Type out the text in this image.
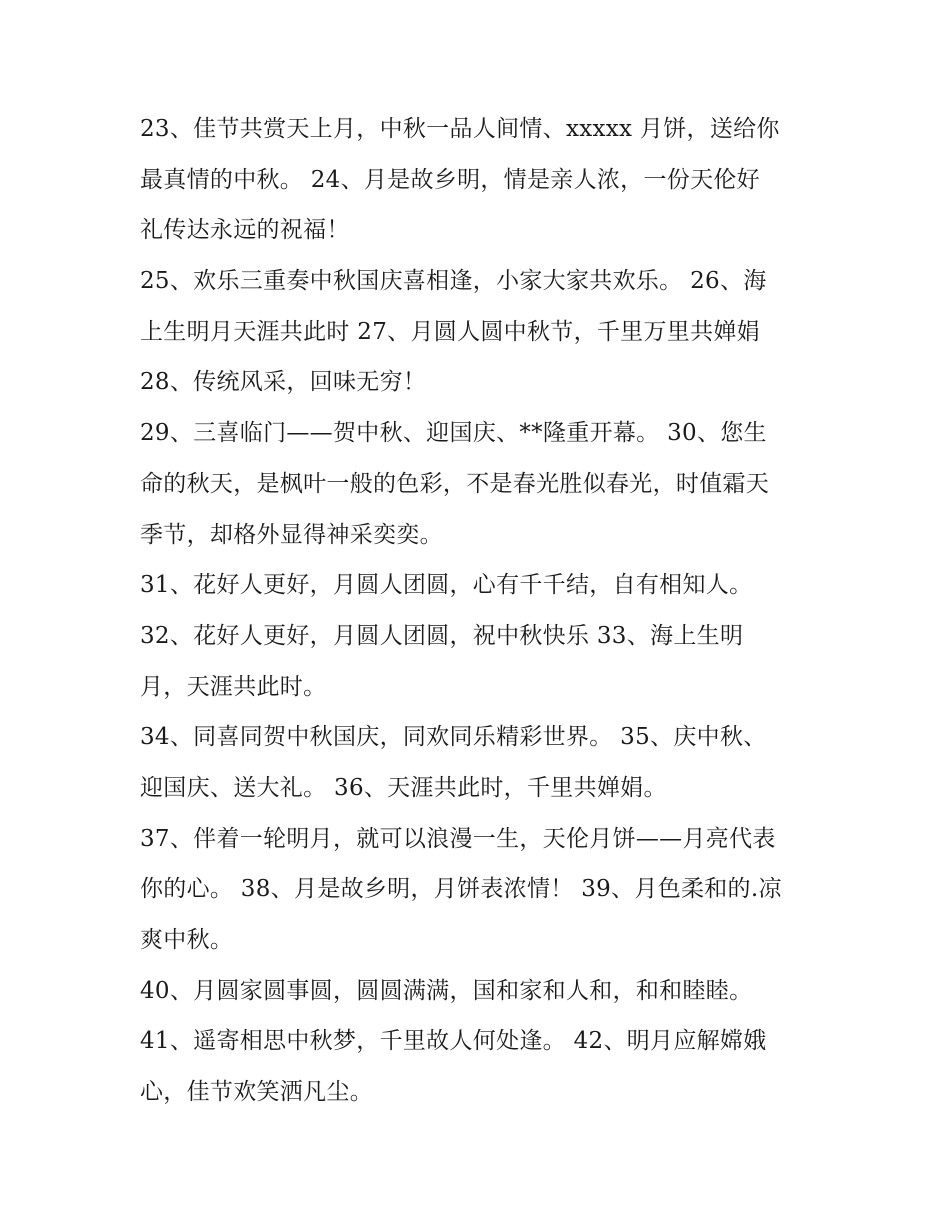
23、佳节共赏天上月，中秋一品人间情、xxxxx 月饼，送给你
最真情的中秋。 24、月是故乡明，情是亲人浓，一份天伦好
礼传达永远的祝福！
25、欢乐三重奏中秋国庆喜相逢，小家大家共欢乐。 26、海
上生明月天涯共此时 27、月圆人圆中秋节，千里万里共婵娟
28、传统风采，回味无穷！
29、三喜临门——贺中秋、迎国庆、**隆重开幕。 30、您生
命的秋天，是枫叶一般的色彩，不是春光胜似春光，时值霜天
季节，却格外显得神采奕奕。
31、花好人更好，月圆人团圆，心有千千结，自有相知人。
32、花好人更好，月圆人团圆，祝中秋快乐 33、海上生明
月，天涯共此时。
34、同喜同贺中秋国庆，同欢同乐精彩世界。 35、庆中秋、
迎国庆、送大礼。 36、天涯共此时，千里共婵娟。
37、伴着一轮明月，就可以浪漫一生，天伦月饼——月亮代表
你的心。 38、月是故乡明，月饼表浓情！ 39、月色柔和的.凉
爽中秋。
40、月圆家圆事圆，圆圆满满，国和家和人和，和和睦睦。
41、遥寄相思中秋梦，千里故人何处逢。 42、明月应解嫦娥
心，佳节欢笑洒凡尘。
